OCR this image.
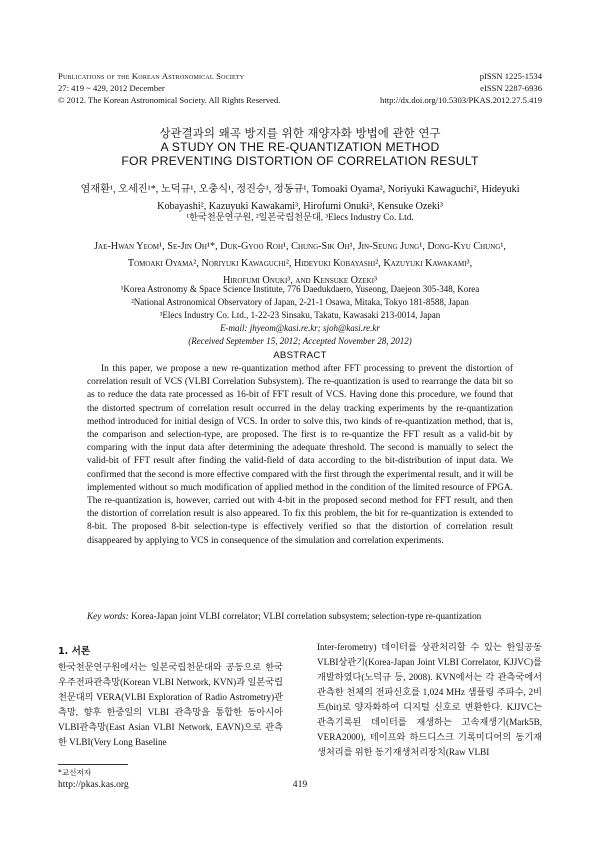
Publications of the Korean Astronomical Society
27: 419 ~ 429, 2012 December
© 2012. The Korean Astronomical Society. All Rights Reserved.
pISSN 1225-1534
eISSN 2287-6936
http://dx.doi.org/10.5303/PKAS.2012.27.5.419
상관결과의 왜곡 방지를 위한 재양자화 방법에 관한 연구
A STUDY ON THE RE-QUANTIZATION METHOD
FOR PREVENTING DISTORTION OF CORRELATION RESULT
염재환¹, 오세진¹*, 노덕규¹, 오충식¹, 정진승¹, 정동규¹, Tomoaki Oyama², Noriyuki Kawaguchi², Hideyuki
Kobayashi², Kazuyuki Kawakami³, Hirofumi Onuki³, Kensuke Ozeki³
¹한국천문연구원, ²일본국립천문대, ³Elecs Industry Co. Ltd.
Jae-Hwan Yeom¹, Se-Jin Oh¹*, Duk-Gyoo Roh¹, Chung-Sik Oh¹, Jin-Seung Jung¹, Dong-Kyu Chung¹,
Tomoaki Oyama², Noriyuki Kawaguchi², Hideyuki Kobayashi², Kazuyuki Kawakami³,
Hirofumi Onuki³, and Kensuke Ozeki³
¹Korea Astronomy & Space Science Institute, 776 Daedukdaero, Yuseong, Daejeon 305-348, Korea
²National Astronomical Observatory of Japan, 2-21-1 Osawa, Mitaka, Tokyo 181-8588, Japan
³Elecs Industry Co. Ltd., 1-22-23 Sinsaku, Takatu, Kawasaki 213-0014, Japan
E-mail: jhyeom@kasi.re.kr; sjoh@kasi.re.kr
(Received September 15, 2012; Accepted November 28, 2012)
ABSTRACT

In this paper, we propose a new re-quantization method after FFT processing to prevent the distortion of correlation result of VCS (VLBI Correlation Subsystem). The re-quantization is used to rearrange the data bit so as to reduce the data rate processed as 16-bit of FFT result of VCS. Having done this procedure, we found that the distorted spectrum of correlation result occurred in the delay tracking experiments by the re-quantization method introduced for initial design of VCS. In order to solve this, two kinds of re-quantization method, that is, the comparison and selection-type, are proposed. The first is to re-quantize the FFT result as a valid-bit by comparing with the input data after determining the adequate threshold. The second is manually to select the valid-bit of FFT result after finding the valid-field of data according to the bit-distribution of input data. We confirmed that the second is more effective compared with the first through the experimental result, and it will be implemented without so much modification of applied method in the condition of the limited resource of FPGA. The re-quantization is, however, carried out with 4-bit in the proposed second method for FFT result, and then the distortion of correlation result is also appeared. To fix this problem, the bit for re-quantization is extended to 8-bit. The proposed 8-bit selection-type is effectively verified so that the distortion of correlation result disappeared by applying to VCS in consequence of the simulation and correlation experiments.

Key words: Korea-Japan joint VLBI correlator; VLBI correlation subsystem; selection-type re-quantization
1. 서론

한국천문연구원에서는 일본국립천문대와 공동으로 한국우주전파관측망(Korean VLBI Network, KVN)과 일본국립천문대의 VERA(VLBI Exploration of Radio Astrometry)관측망, 향후 한중일의 VLBI 관측망을 통합한 동아시아VLBI관측망(East Asian VLBI Network, EAVN)으로 관측한 VLBI(Very Long Baseline

Inter-ferometry) 데이터를 상관처리할 수 있는 한일공동VLBI상관기(Korea-Japan Joint VLBI Correlator, KJJVC)를 개발하였다(노덕규 등, 2008). KVN에서는 각 관측국에서 관측한 천체의 전파신호를 1,024 MHz 샘플링 주파수, 2비트(bit)로 양자화하여 디지털 신호로 변환한다. KJJVC는 관측기록된 데이터를 재생하는 고속재생기(Mark5B, VERA2000), 테이프와 하드디스크 기록미디어의 동기재생처리를 위한 동기재생처리장치(Raw VLBI

*교신저자
http://pkas.kas.org	419
